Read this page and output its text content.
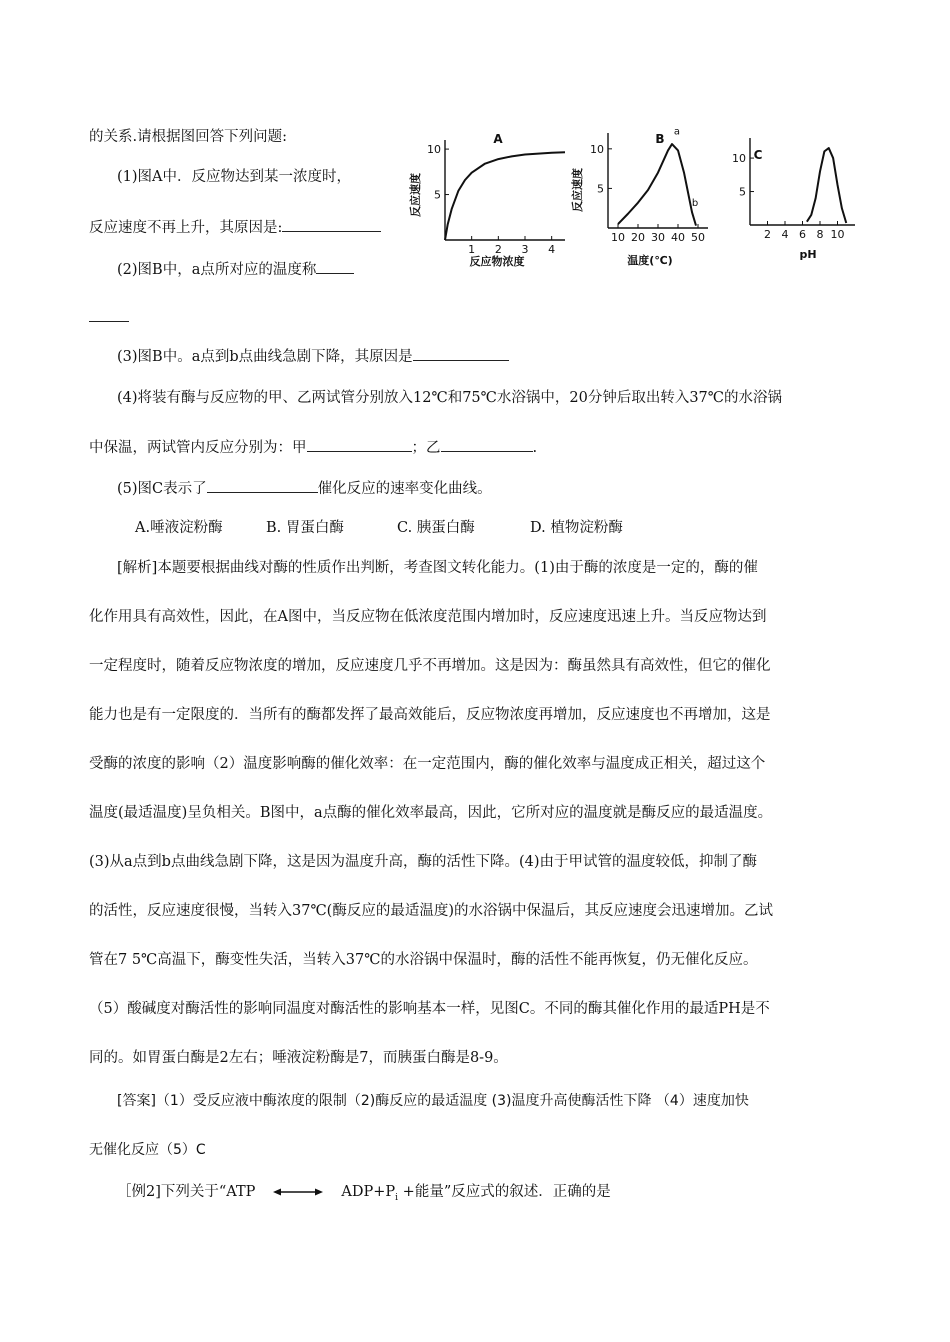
的关系.请根据图回答下列问题:
(1)图A中．反应物达到某一浓度时，
反应速度不再上升，其原因是:
(2)图B中，a点所对应的温度称
(3)图B中。a点到b点曲线急剧下降，其原因是
(4)将装有酶与反应物的甲、乙两试管分别放入12℃和75℃水浴锅中，20分钟后取出转入37℃的水浴锅
中保温，两试管内反应分别为：甲	；乙	.
(5)图C表示了	催化反应的速率变化曲线。
A.唾液淀粉酶	B. 胃蛋白酶	C. 胰蛋白酶	D. 植物淀粉酶
[解析]本题要根据曲线对酶的性质作出判断，考查图文转化能力。(1)由于酶的浓度是一定的，酶的催
化作用具有高效性，因此，在A图中，当反应物在低浓度范围内增加时，反应速度迅速上升。当反应物达到
一定程度时，随着反应物浓度的增加，反应速度几乎不再增加。这是因为：酶虽然具有高效性，但它的催化
能力也是有一定限度的．当所有的酶都发挥了最高效能后，反应物浓度再增加，反应速度也不再增加，这是
受酶的浓度的影响（2）温度影响酶的催化效率：在一定范围内，酶的催化效率与温度成正相关，超过这个
温度(最适温度)呈负相关。B图中，a点酶的催化效率最高，因此，它所对应的温度就是酶反应的最适温度。
(3)从a点到b点曲线急剧下降，这是因为温度升高，酶的活性下降。(4)由于甲试管的温度较低，抑制了酶
的活性，反应速度很慢，当转入37℃(酶反应的最适温度)的水浴锅中保温后，其反应速度会迅速增加。乙试
管在7 5℃高温下，酶变性失活，当转入37℃的水浴锅中保温时，酶的活性不能再恢复，仍无催化反应。
（5）酸碱度对酶活性的影响同温度对酶活性的影响基本一样，见图C。不同的酶其催化作用的最适PH是不
同的。如胃蛋白酶是2左右；唾液淀粉酶是7，而胰蛋白酶是8-9。
[答案]（1）受反应液中酶浓度的限制（2)酶反应的最适温度 (3)温度升高使酶活性下降 （4）速度加快
无催化反应（5）C
［例2]下列关于“ATP	$ADP+P_i$ +能量”反应式的叙述．正确的是
1 2 3 4
5
10
A
反应物浓度
反应速度
10 20 30 40 50
5
10
B
温度(℃)
反应速度
a
b
2 4 6 8 10
5
10 C
pH
